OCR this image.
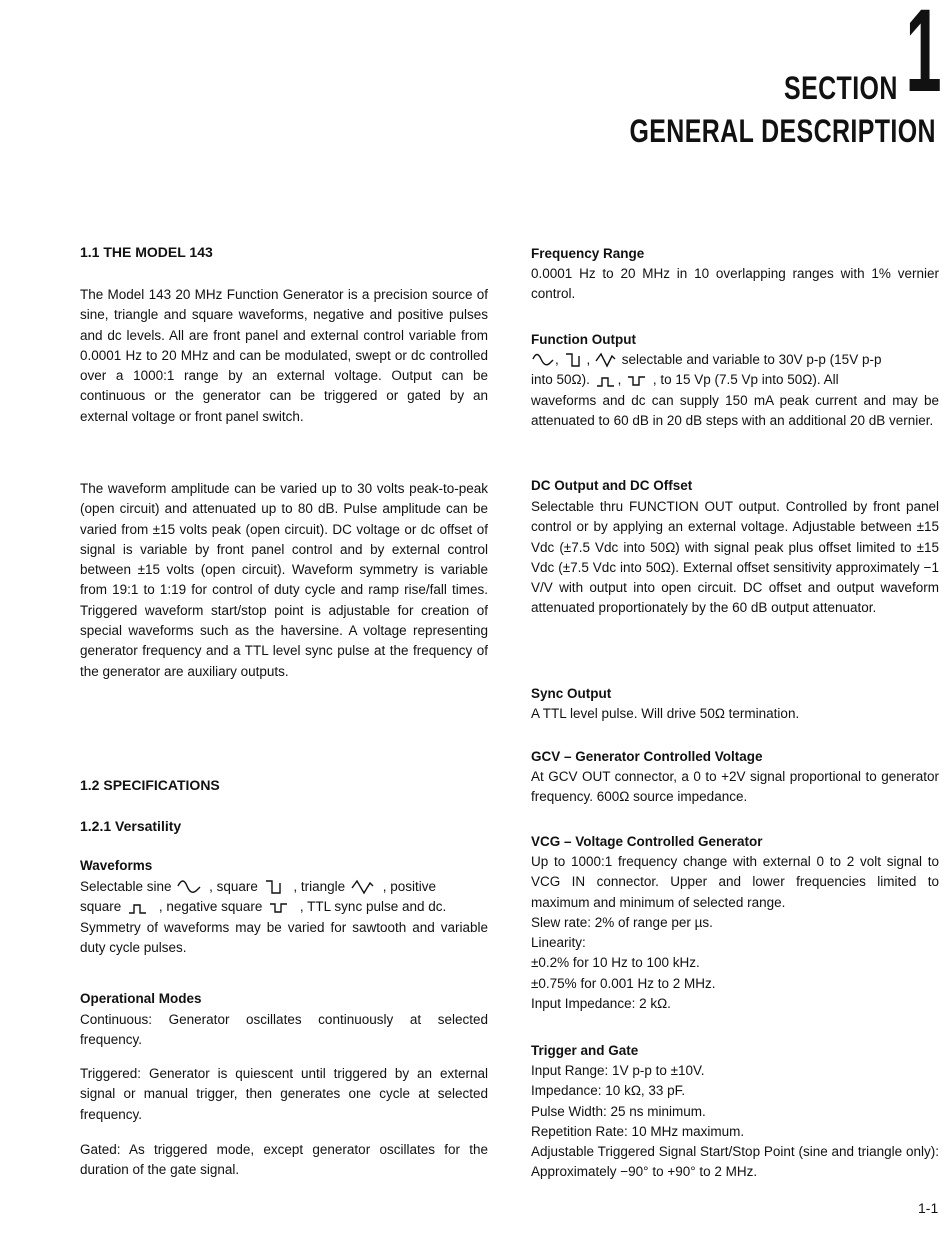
1
SECTION
GENERAL DESCRIPTION

1.1 THE MODEL 143

The Model 143 20 MHz Function Generator is a precision source of sine, triangle and square waveforms, negative and positive pulses and dc levels. All are front panel and external control variable from 0.0001 Hz to 20 MHz and can be modulated, swept or dc controlled over a 1000:1 range by an external voltage. Output can be continuous or the generator can be triggered or gated by an external voltage or front panel switch.

The waveform amplitude can be varied up to 30 volts peak-to-peak (open circuit) and attenuated up to 80 dB. Pulse amplitude can be varied from ±15 volts peak (open circuit). DC voltage or dc offset of signal is variable by front panel control and by external control between ±15 volts (open circuit). Waveform symmetry is variable from 19:1 to 1:19 for control of duty cycle and ramp rise/fall times. Triggered waveform start/stop point is adjustable for creation of special waveforms such as the haversine. A voltage representing generator frequency and a TTL level sync pulse at the frequency of the generator are auxiliary outputs.

1.2 SPECIFICATIONS

1.2.1 Versatility

Waveforms

Selectable sine	, square	, triangle	, positive
square	, negative square	, TTL sync pulse and dc.
Symmetry of waveforms may be varied for sawtooth and variable duty cycle pulses.

Operational Modes

Continuous: Generator oscillates continuously at selected frequency.

Triggered: Generator is quiescent until triggered by an external signal or manual trigger, then generates one cycle at selected frequency.

Gated: As triggered mode, except generator oscillates for the duration of the gate signal.

Frequency Range

0.0001 Hz to 20 MHz in 10 overlapping ranges with 1% vernier control.

Function Output

, ,  selectable and variable to 30V p-p (15V p-p
into 50Ω). ,  , to 15 Vp (7.5 Vp into 50Ω). All
waveforms and dc can supply 150 mA peak current and may be attenuated to 60 dB in 20 dB steps with an additional 20 dB vernier.

DC Output and DC Offset

Selectable thru FUNCTION OUT output. Controlled by front panel control or by applying an external voltage. Adjustable between ±15 Vdc (±7.5 Vdc into 50Ω) with signal peak plus offset limited to ±15 Vdc (±7.5 Vdc into 50Ω). External offset sensitivity approximately −1 V/V with output into open circuit. DC offset and output waveform attenuated proportionately by the 60 dB output attenuator.

Sync Output

A TTL level pulse. Will drive 50Ω termination.

GCV – Generator Controlled Voltage

At GCV OUT connector, a 0 to +2V signal proportional to generator frequency. 600Ω source impedance.

VCG – Voltage Controlled Generator

Up to 1000:1 frequency change with external 0 to 2 volt signal to VCG IN connector. Upper and lower frequencies limited to maximum and minimum of selected range.
Slew rate: 2% of range per µs.
Linearity:
±0.2% for 10 Hz to 100 kHz.
±0.75% for 0.001 Hz to 2 MHz.
Input Impedance: 2 kΩ.

Trigger and Gate

Input Range: 1V p-p to ±10V.
Impedance: 10 kΩ, 33 pF.
Pulse Width: 25 ns minimum.
Repetition Rate: 10 MHz maximum.
Adjustable Triggered Signal Start/Stop Point (sine and triangle only): Approximately −90° to +90° to 2 MHz.
1-1
